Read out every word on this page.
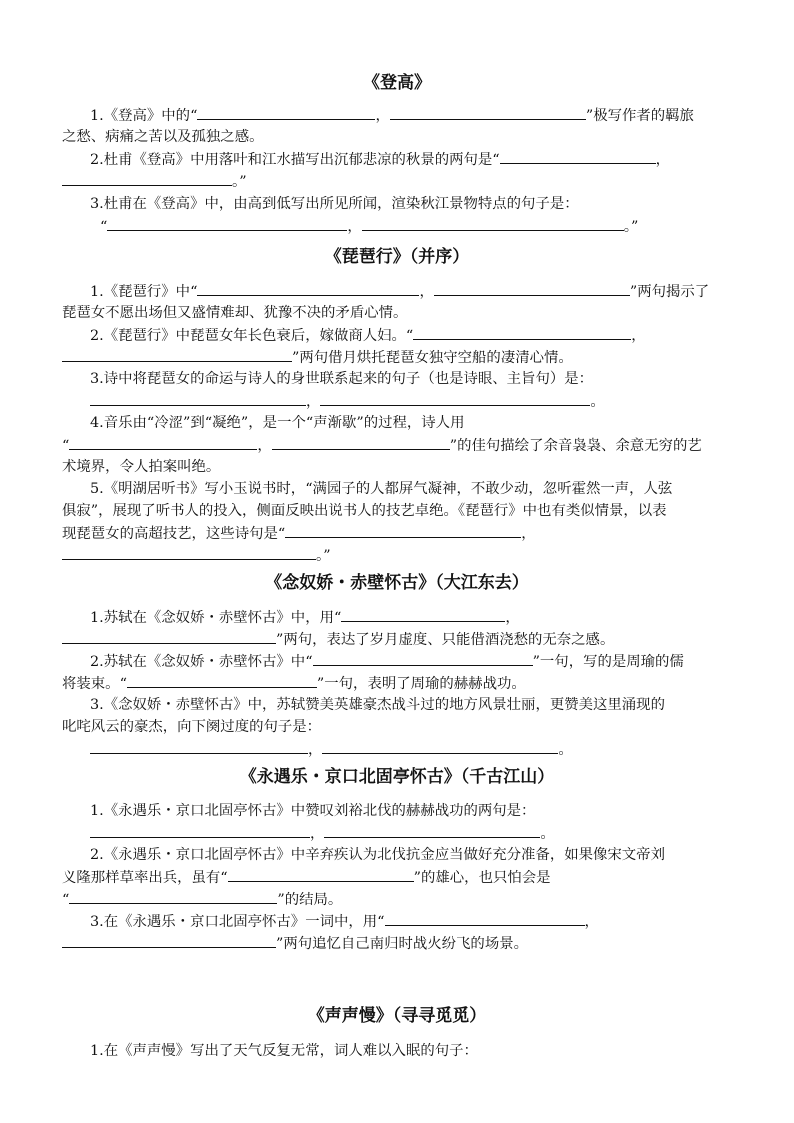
《登高》
1.《登高》中的“	，	”极写作者的羁旅
之愁、病痛之苦以及孤独之感。
2.杜甫《登高》中用落叶和江水描写出沉郁悲凉的秋景的两句是“	，
。”
3.杜甫在《登高》中，由高到低写出所见所闻，渲染秋江景物特点的句子是：
“	，	。”
《琵琶行》（并序）
1.《琵琶行》中“	，	”两句揭示了
琵琶女不愿出场但又盛情难却、犹豫不决的矛盾心情。
2.《琵琶行》中琵琶女年长色衰后，嫁做商人妇。“	，
”两句借月烘托琵琶女独守空船的凄清心情。
3.诗中将琵琶女的命运与诗人的身世联系起来的句子（也是诗眼、主旨句）是：
，	。
4.音乐由“冷涩”到“凝绝”，是一个“声渐歇”的过程，诗人用
“	，	”的佳句描绘了余音袅袅、余意无穷的艺
术境界，令人拍案叫绝。
5.《明湖居听书》写小玉说书时，“满园子的人都屏气凝神，不敢少动，忽听霍然一声，人弦
俱寂”，展现了听书人的投入，侧面反映出说书人的技艺卓绝。《琵琶行》中也有类似情景，以表
现琵琶女的高超技艺，这些诗句是“	，
。”
《念奴娇・赤壁怀古》（大江东去）
1.苏轼在《念奴娇・赤壁怀古》中，用“	，
”两句，表达了岁月虚度、只能借酒浇愁的无奈之感。
2.苏轼在《念奴娇・赤壁怀古》中“	”一句，写的是周瑜的儒
将装束。“	”一句，表明了周瑜的赫赫战功。
3.《念奴娇・赤壁怀古》中，苏轼赞美英雄豪杰战斗过的地方风景壮丽，更赞美这里涌现的
叱咤风云的豪杰，向下阕过度的句子是：
，	。
《永遇乐・京口北固亭怀古》（千古江山）
1.《永遇乐・京口北固亭怀古》中赞叹刘裕北伐的赫赫战功的两句是：
，	。
2.《永遇乐・京口北固亭怀古》中辛弃疾认为北伐抗金应当做好充分准备，如果像宋文帝刘
义隆那样草率出兵，虽有“	”的雄心，也只怕会是
“	”的结局。
3.在《永遇乐・京口北固亭怀古》一词中，用“	，
”两句追忆自己南归时战火纷飞的场景。
《声声慢》（寻寻觅觅）
1.在《声声慢》写出了天气反复无常，词人难以入眠的句子：
